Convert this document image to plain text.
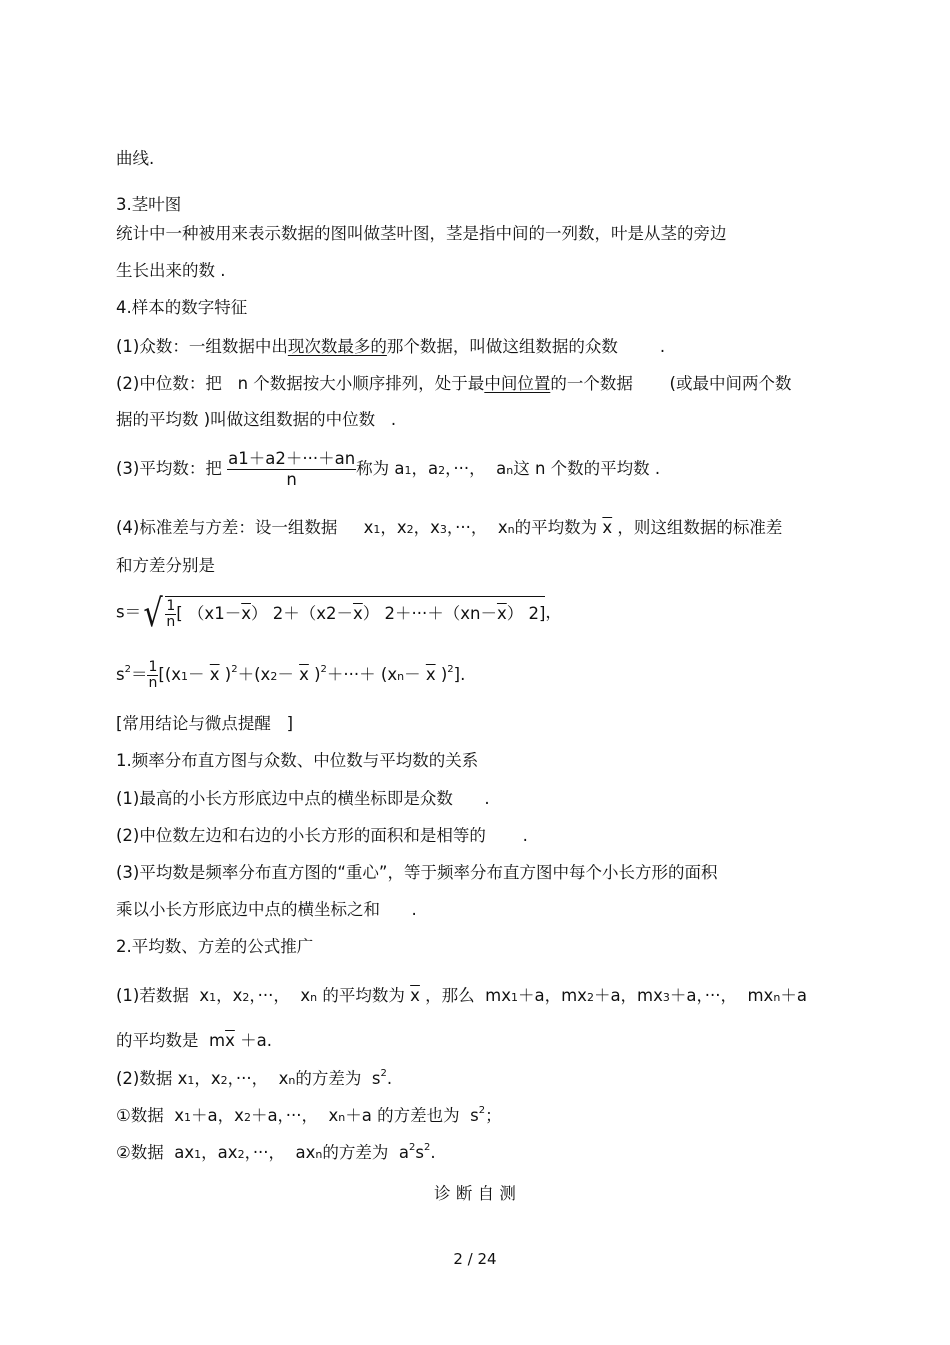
曲线.
3.茎叶图
统计中一种被用来表示数据的图叫做茎叶图，茎是指中间的一列数，叶是从茎的旁边
生长出来的数 .
4.样本的数字特征
(1)众数：一组数据中出现次数最多的那个数据，叫做这组数据的众数        .
(2)中位数：把   n 个数据按大小顺序排列，处于最中间位置的一个数据       (或最中间两个数
据的平均数 )叫做这组数据的中位数   .
(3)平均数：把 $\frac{a1+a2+\cdot\cdot\cdot+an}{n}$ 称为 a1，a2，···，  an这 n 个数的平均数 .
(4)标准差与方差：设一组数据     x1，x2，x3，···，  xn的平均数为 $\overline{x}$ ，则这组数据的标准差
和方差分别是
$s=√ \frac{1}{n}$ [ $(x1-\overline{x})$ $2+(x2-\overline{x})$ $2+\cdot\cdot\cdot+(xn-\overline{x})$ 2]，
$s^2= \frac{1}{n} [(x1- \overline{x}$ )$^2+(x2- \overline{x}$ )$^2+\cdot\cdot\cdot+ (xn- \overline{x}$ )$^2$].
[常用结论与微点提醒   ]
1.频率分布直方图与众数、中位数与平均数的关系
(1)最高的小长方形底边中点的横坐标即是众数      .
(2)中位数左边和右边的小长方形的面积和是相等的       .
(3)平均数是频率分布直方图的“重心”，等于频率分布直方图中每个小长方形的面积
乘以小长方形底边中点的横坐标之和      .
2.平均数、方差的公式推广
(1)若数据  x1，x2，···，  xn 的平均数为 $\overline{x}$ ，那么  mx1＋a，mx2＋a，mx3＋a，···，  mxn＋a
的平均数是  $m\overline{x} +a$.
(2)数据 x1，x2，···，  xn的方差为  $s^2$.
①数据  x1＋a，x2＋a，···，  xn＋a 的方差也为  $s^2$；
②数据  ax1，ax2，···，  axn的方差为  $a^2s^2$.
诊 断 自 测
2 / 24
